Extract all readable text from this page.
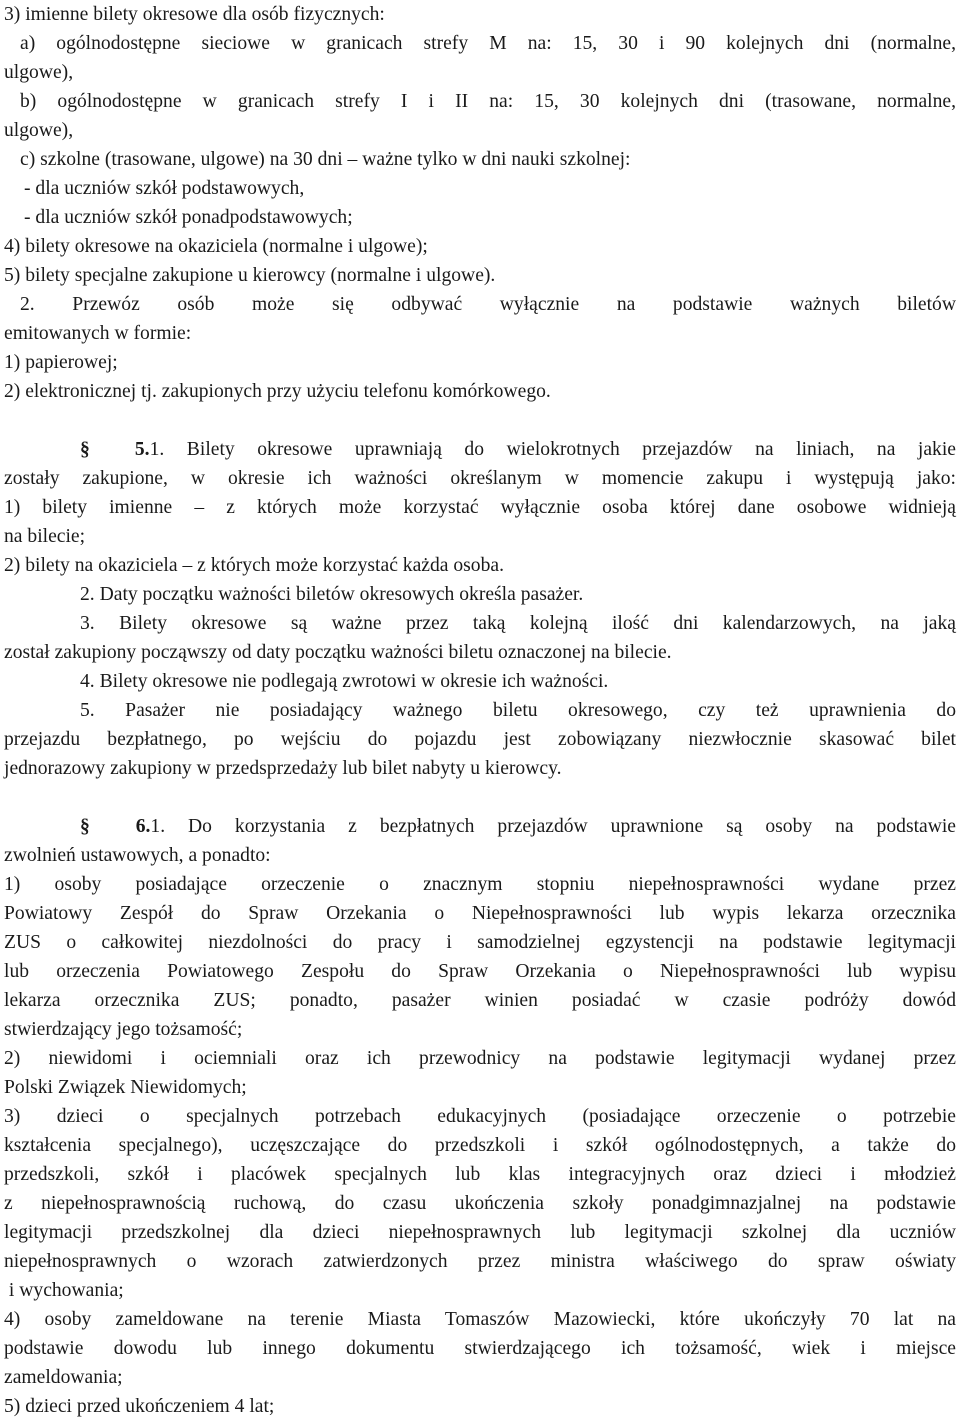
3) imienne bilety okresowe dla osób fizycznych:
a) ogólnodostępne sieciowe w granicach strefy M na: 15, 30 i 90 kolejnych dni (normalne,
ulgowe),
b) ogólnodostępne w granicach strefy I i II na: 15, 30 kolejnych dni (trasowane, normalne,
ulgowe),
c) szkolne (trasowane, ulgowe) na 30 dni – ważne tylko w dni nauki szkolnej:
- dla uczniów szkół podstawowych,
- dla uczniów szkół ponadpodstawowych;
4) bilety okresowe na okaziciela (normalne i ulgowe);
5) bilety specjalne zakupione u kierowcy (normalne i ulgowe).
2. Przewóz osób może się odbywać wyłącznie na podstawie ważnych biletów
emitowanych w formie:
1) papierowej;
2) elektronicznej tj. zakupionych przy użyciu telefonu komórkowego.
§ 5.1. Bilety okresowe uprawniają do wielokrotnych przejazdów na liniach, na jakie
zostały zakupione, w okresie ich ważności określanym w momencie zakupu i występują jako:
1) bilety imienne – z których może korzystać wyłącznie osoba której dane osobowe widnieją
na bilecie;
2) bilety na okaziciela – z których może korzystać każda osoba.
2. Daty początku ważności biletów okresowych określa pasażer.
3. Bilety okresowe są ważne przez taką kolejną ilość dni kalendarzowych, na jaką
został zakupiony począwszy od daty początku ważności biletu oznaczonej na bilecie.
4. Bilety okresowe nie podlegają zwrotowi w okresie ich ważności.
5. Pasażer nie posiadający ważnego biletu okresowego, czy też uprawnienia do
przejazdu bezpłatnego, po wejściu do pojazdu jest zobowiązany niezwłocznie skasować bilet
jednorazowy zakupiony w przedsprzedaży lub bilet nabyty u kierowcy.
§ 6.1. Do korzystania z bezpłatnych przejazdów uprawnione są osoby na podstawie
zwolnień ustawowych, a ponadto:
1) osoby posiadające orzeczenie o znacznym stopniu niepełnosprawności wydane przez
Powiatowy Zespół do Spraw Orzekania o Niepełnosprawności lub wypis lekarza orzecznika
ZUS o całkowitej niezdolności do pracy i samodzielnej egzystencji na podstawie legitymacji
lub orzeczenia Powiatowego Zespołu do Spraw Orzekania o Niepełnosprawności lub wypisu
lekarza orzecznika ZUS; ponadto, pasażer winien posiadać w czasie podróży dowód
stwierdzający jego tożsamość;
2) niewidomi i ociemniali oraz ich przewodnicy na podstawie legitymacji wydanej przez
Polski Związek Niewidomych;
3) dzieci o specjalnych potrzebach edukacyjnych (posiadające orzeczenie o potrzebie
kształcenia specjalnego), uczęszczające do przedszkoli i szkół ogólnodostępnych, a także do
przedszkoli, szkół i placówek specjalnych lub klas integracyjnych oraz dzieci i młodzież
z niepełnosprawnością ruchową, do czasu ukończenia szkoły ponadgimnazjalnej na podstawie
legitymacji przedszkolnej dla dzieci niepełnosprawnych lub legitymacji szkolnej dla uczniów
niepełnosprawnych o wzorach zatwierdzonych przez ministra właściwego do spraw oświaty
i wychowania;
4) osoby zameldowane na terenie Miasta Tomaszów Mazowiecki, które ukończyły 70 lat na
podstawie dowodu lub innego dokumentu stwierdzającego ich tożsamość, wiek i miejsce
zameldowania;
5) dzieci przed ukończeniem 4 lat;
